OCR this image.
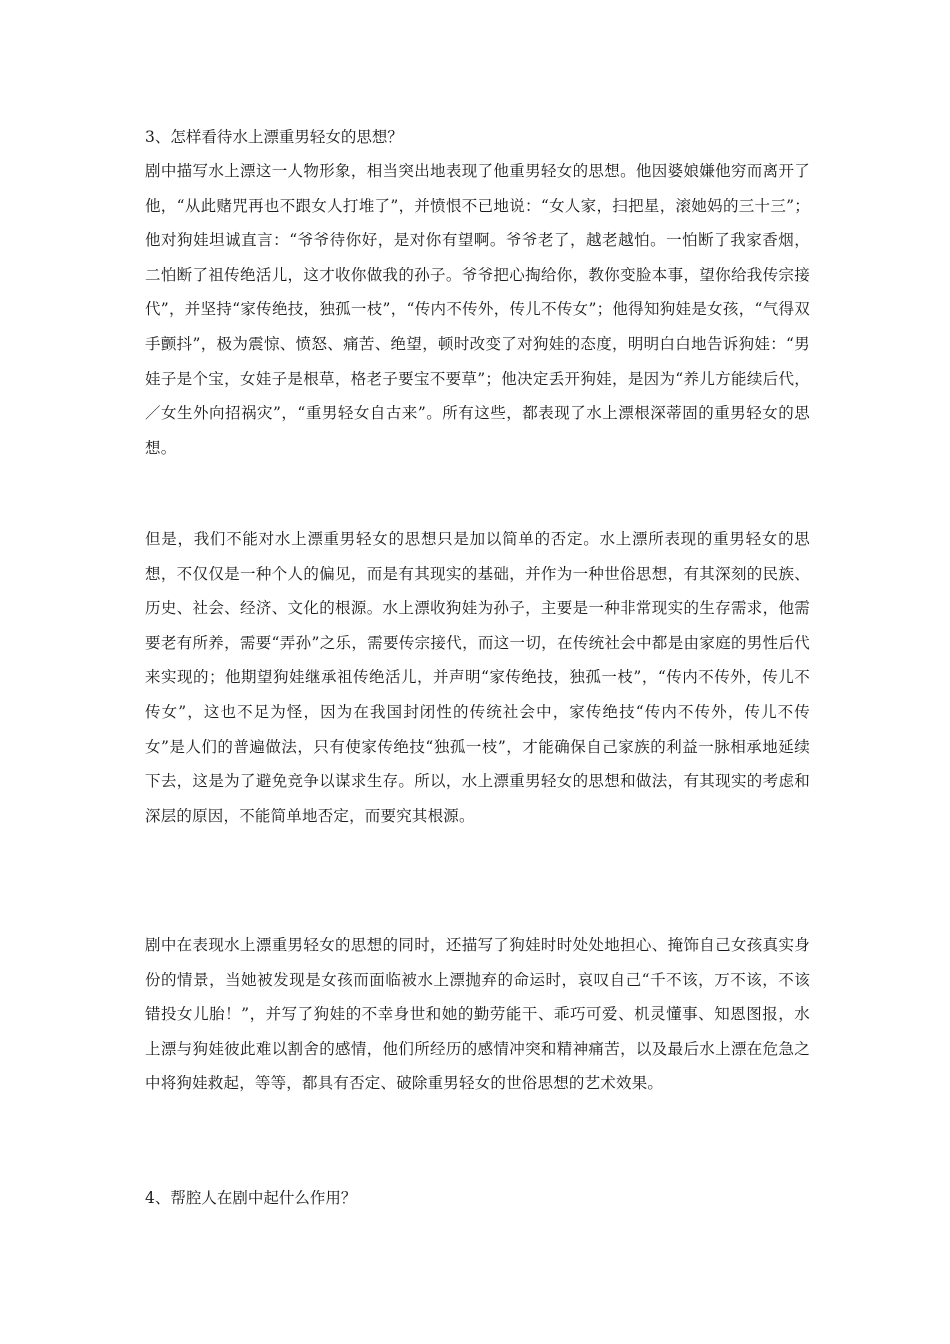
3、怎样看待水上漂重男轻女的思想？
剧中描写水上漂这一人物形象，相当突出地表现了他重男轻女的思想。他因婆娘嫌他穷而离开了他，“从此赌咒再也不跟女人打堆了”，并愤恨不已地说：“女人家，扫把星，滚她妈的三十三”；他对狗娃坦诚直言：“爷爷待你好，是对你有望啊。爷爷老了，越老越怕。一怕断了我家香烟，二怕断了祖传绝活儿，这才收你做我的孙子。爷爷把心掏给你，教你变脸本事，望你给我传宗接代”，并坚持“家传绝技，独孤一枝”，“传内不传外，传儿不传女”；他得知狗娃是女孩，“气得双手颤抖”，极为震惊、愤怒、痛苦、绝望，顿时改变了对狗娃的态度，明明白白地告诉狗娃：“男娃子是个宝，女娃子是根草，格老子要宝不要草”；他决定丢开狗娃，是因为“养儿方能续后代，／女生外向招祸灾”，“重男轻女自古来”。所有这些，都表现了水上漂根深蒂固的重男轻女的思想。
但是，我们不能对水上漂重男轻女的思想只是加以简单的否定。水上漂所表现的重男轻女的思想，不仅仅是一种个人的偏见，而是有其现实的基础，并作为一种世俗思想，有其深刻的民族、历史、社会、经济、文化的根源。水上漂收狗娃为孙子，主要是一种非常现实的生存需求，他需要老有所养，需要“弄孙”之乐，需要传宗接代，而这一切，在传统社会中都是由家庭的男性后代来实现的；他期望狗娃继承祖传绝活儿，并声明“家传绝技，独孤一枝”，“传内不传外，传儿不传女”，这也不足为怪，因为在我国封闭性的传统社会中，家传绝技“传内不传外，传儿不传女”是人们的普遍做法，只有使家传绝技“独孤一枝”，才能确保自己家族的利益一脉相承地延续下去，这是为了避免竞争以谋求生存。所以，水上漂重男轻女的思想和做法，有其现实的考虑和深层的原因，不能简单地否定，而要究其根源。
剧中在表现水上漂重男轻女的思想的同时，还描写了狗娃时时处处地担心、掩饰自己女孩真实身份的情景，当她被发现是女孩而面临被水上漂抛弃的命运时，哀叹自己“千不该，万不该，不该错投女儿胎！”，并写了狗娃的不幸身世和她的勤劳能干、乖巧可爱、机灵懂事、知恩图报，水上漂与狗娃彼此难以割舍的感情，他们所经历的感情冲突和精神痛苦，以及最后水上漂在危急之中将狗娃救起，等等，都具有否定、破除重男轻女的世俗思想的艺术效果。
4、帮腔人在剧中起什么作用？
